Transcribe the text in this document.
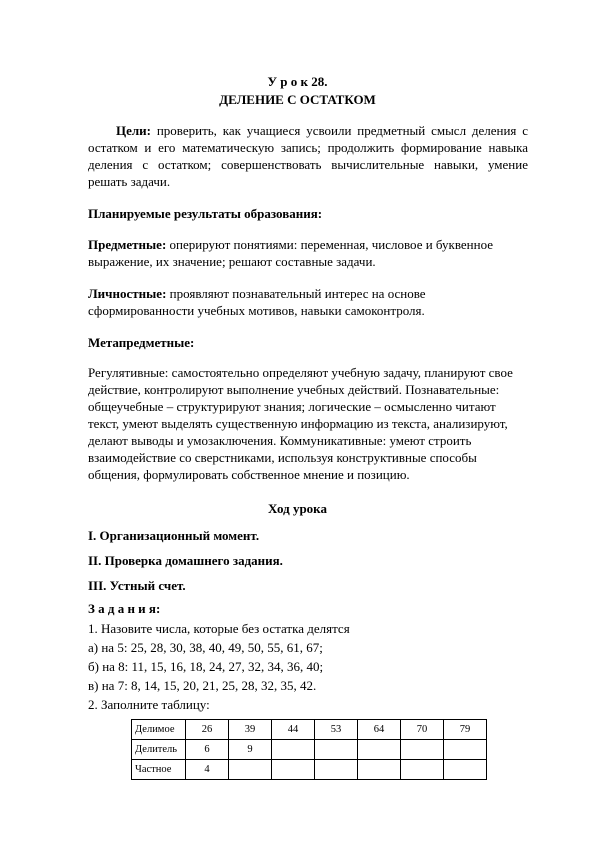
У р о к 28.
ДЕЛЕНИЕ С ОСТАТКОМ
Цели: проверить, как учащиеся усвоили предметный смысл деления с остатком и его математическую запись; продолжить формирование навыка деления с остатком; совершенствовать вычислительные навыки, умение решать задачи.
Планируемые результаты образования:
Предметные: оперируют понятиями: переменная, числовое и буквенное выражение, их значение; решают составные задачи.
Личностные: проявляют познавательный интерес на основе сформированности учебных мотивов, навыки самоконтроля.
Метапредметные:
Регулятивные: самостоятельно определяют учебную задачу, планируют свое действие, контролируют выполнение учебных действий. Познавательные: общеучебные – структурируют знания; логические – осмысленно читают текст, умеют выделять существенную информацию из текста, анализируют, делают выводы и умозаключения. Коммуникативные: умеют строить взаимодействие со сверстниками, используя конструктивные способы общения, формулировать собственное мнение и позицию.
Ход урока
I. Организационный момент.
II. Проверка домашнего задания.
III. Устный счет.
З а д а н и я:
1. Назовите числа, которые без остатка делятся
а) на 5: 25, 28, 30, 38, 40, 49, 50, 55, 61, 67;
б) на 8: 11, 15, 16, 18, 24, 27, 32, 34, 36, 40;
в) на 7: 8, 14, 15, 20, 21, 25, 28, 32, 35, 42.
2. Заполните таблицу:
Делимое	26	39	44	53	64	70	79
Делитель	6	9					
Частное	4						
